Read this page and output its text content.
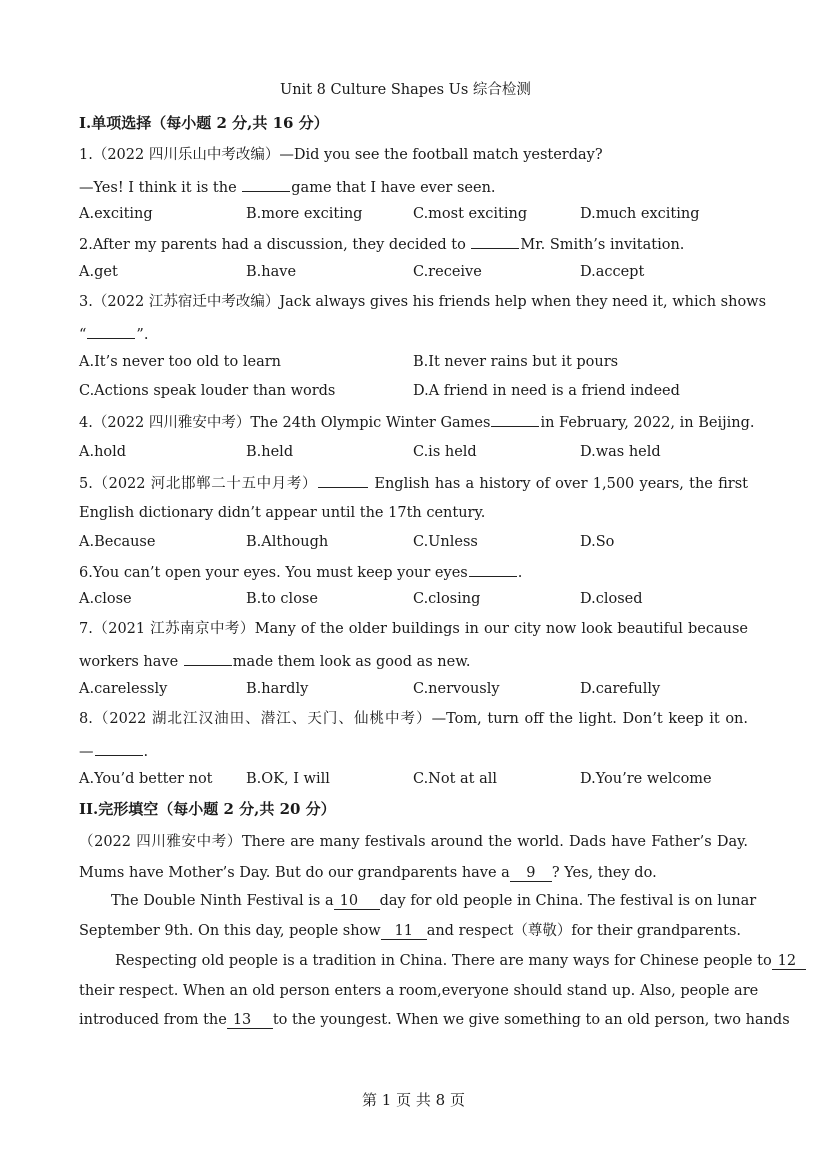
Unit 8 Culture Shapes Us 综合检测
I.单项选择（每小题 2 分,共 16 分）
1.（2022 四川乐山中考改编）—Did you see the football match yesterday?
—Yes! I think it is the	game that I have ever seen.
A.exciting	B.more exciting	C.most exciting	D.much exciting
2.After my parents had a discussion, they decided to	Mr. Smith’s invitation.
A.get	B.have	C.receive	D.accept
3.（2022 江苏宿迁中考改编）Jack always gives his friends help when they need it, which shows
“	”.
A.It’s never too old to learn	B.It never rains but it pours
C.Actions speak louder than words	D.A friend in need is a friend indeed
4.（2022 四川雅安中考）The 24th Olympic Winter Games	in February, 2022, in Beijing.
A.hold	B.held	C.is held	D.was held
5.（2022 河北邯郸二十五中月考）	English has a history of over 1,500 years, the first
English dictionary didn’t appear until the 17th century.
A.Because	B.Although	C.Unless	D.So
6.You can’t open your eyes. You must keep your eyes	.
A.close	B.to close	C.closing	D.closed
7.（2021 江苏南京中考）Many of the older buildings in our city now look beautiful because
workers have	made them look as good as new.
A.carelessly	B.hardly	C.nervously	D.carefully
8.（2022 湖北江汉油田、潜江、天门、仙桃中考）—Tom, turn off the light. Don’t keep it on.
—	.
A.You’d better not B.OK, I will	C.Not at all	D.You’re welcome
II.完形填空（每小题 2 分,共 20 分）
（2022 四川雅安中考）There are many festivals around the world. Dads have Father’s Day.
Mums have Mother’s Day. But do our grandparents have a 9 ? Yes, they do.
The Double Ninth Festival is a 10 day for old people in China. The festival is on lunar
September 9th. On this day, people show 11 and respect（尊敬）for their grandparents.
Respecting old people is a tradition in China. There are many ways for Chinese people to 12
their respect. When an old person enters a room,everyone should stand up. Also, people are
introduced from the 13 to the youngest. When we give something to an old person, two hands
第 1 页 共 8 页
